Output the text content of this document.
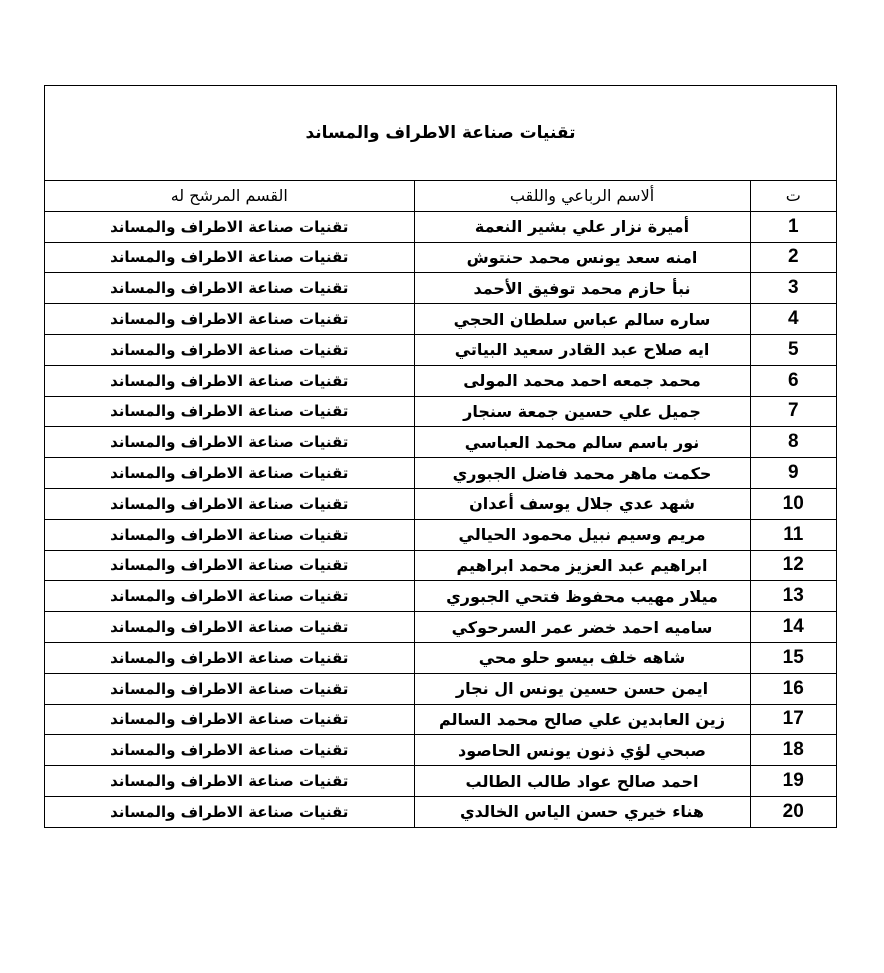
تقنيات صناعة الاطراف والمساند
ت	ألاسم الرباعي واللقب	القسم المرشح له
1	أميرة نزار علي بشير النعمة	تقنيات صناعة الاطراف والمساند
2	امنه سعد يونس محمد حنتوش	تقنيات صناعة الاطراف والمساند
3	نبأ حازم محمد توفيق الأحمد	تقنيات صناعة الاطراف والمساند
4	ساره سالم عباس سلطان الحجي	تقنيات صناعة الاطراف والمساند
5	ايه صلاح عبد القادر سعيد البياتي	تقنيات صناعة الاطراف والمساند
6	محمد جمعه احمد محمد المولى	تقنيات صناعة الاطراف والمساند
7	جميل علي حسين جمعة سنجار	تقنيات صناعة الاطراف والمساند
8	نور باسم سالم محمد العباسي	تقنيات صناعة الاطراف والمساند
9	حكمت ماهر محمد فاضل الجبوري	تقنيات صناعة الاطراف والمساند
10	شهد عدي جلال يوسف أعدان	تقنيات صناعة الاطراف والمساند
11	مريم وسيم نبيل محمود الحيالي	تقنيات صناعة الاطراف والمساند
12	ابراهيم عبد العزيز محمد ابراهيم	تقنيات صناعة الاطراف والمساند
13	ميلار مهيب محفوظ فتحي الجبوري	تقنيات صناعة الاطراف والمساند
14	ساميه احمد خضر عمر السرحوكي	تقنيات صناعة الاطراف والمساند
15	شاهه خلف بيسو حلو محي	تقنيات صناعة الاطراف والمساند
16	ايمن حسن حسين يونس ال نجار	تقنيات صناعة الاطراف والمساند
17	زين العابدين علي صالح محمد السالم	تقنيات صناعة الاطراف والمساند
18	صبحي لؤي ذنون يونس الحاصود	تقنيات صناعة الاطراف والمساند
19	احمد صالح عواد طالب الطالب	تقنيات صناعة الاطراف والمساند
20	هناء خيري حسن الياس الخالدي	تقنيات صناعة الاطراف والمساند
